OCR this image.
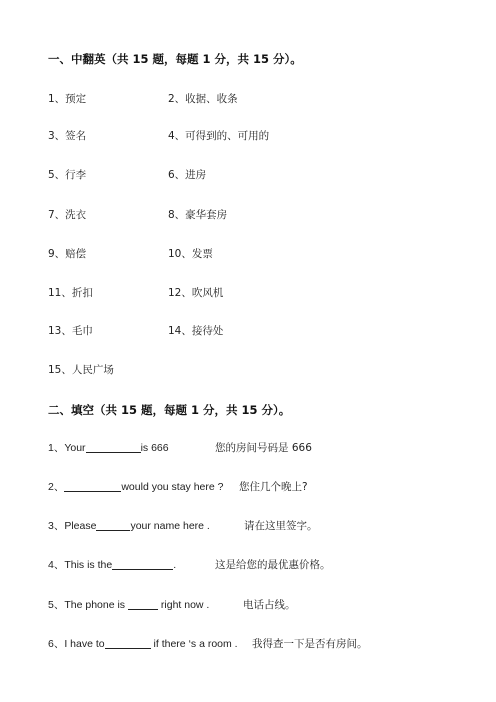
一、中翻英（共 15 题，每题 1 分，共 15 分）。
1、预定	2、收据、收条
3、签名	4、可得到的、可用的
5、行李	6、进房
7、洗衣	8、豪华套房
9、赔偿	10、发票
11、折扣	12、吹风机
13、毛巾	14、接待处
15、人民广场
二、填空（共 15 题，每题 1 分，共 15 分）。
1、Your	is 666	您的房间号码是 666
2、	would you stay here ? 您住几个晚上?
3、Please	your name here .	请在这里签字。
4、This is the	.	这是给您的最优惠价格。
5、The phone is	right now .	电话占线。
6、I have to	if there ‘s a room . 我得查一下是否有房间。
